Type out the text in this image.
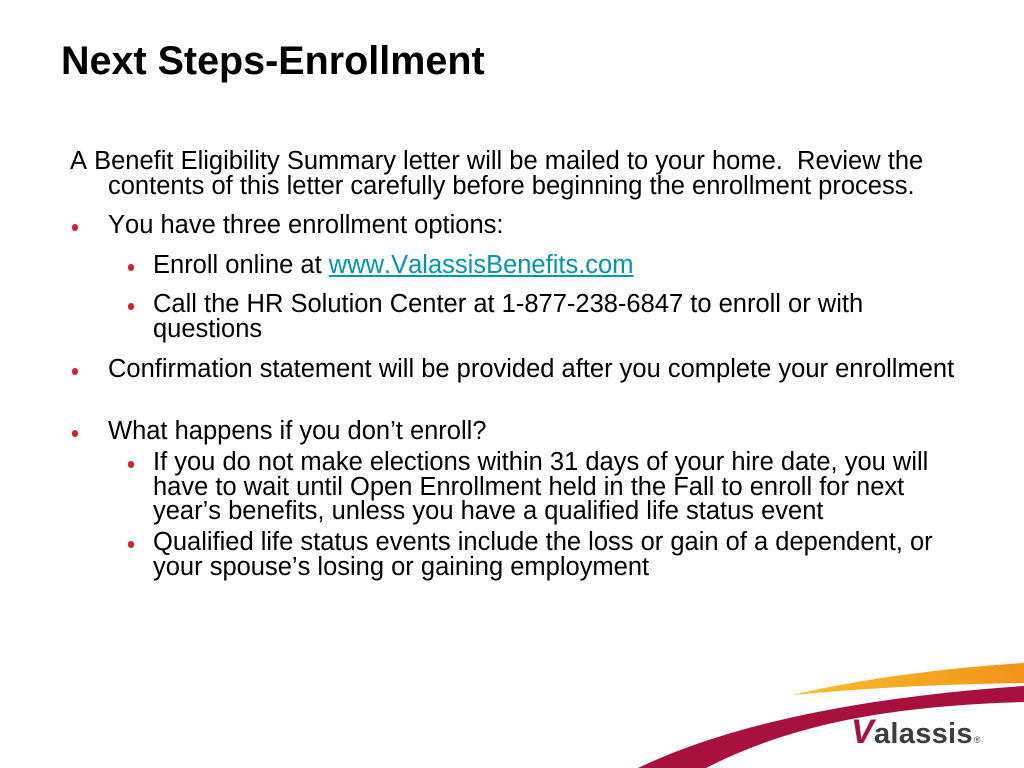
Next Steps-Enrollment

A Benefit Eligibility Summary letter will be mailed to your home.  Review the contents of this letter carefully before beginning the enrollment process.

You have three enrollment options:
Enroll online at www.ValassisBenefits.com
Call the HR Solution Center at 1-877-238-6847 to enroll or with questions
Confirmation statement will be provided after you complete your enrollment
What happens if you don’t enroll?
If you do not make elections within 31 days of your hire date, you will have to wait until Open Enrollment held in the Fall to enroll for next year’s benefits, unless you have a qualified life status event
Qualified life status events include the loss or gain of a dependent, or your spouse’s losing or gaining employment
Valassis®
